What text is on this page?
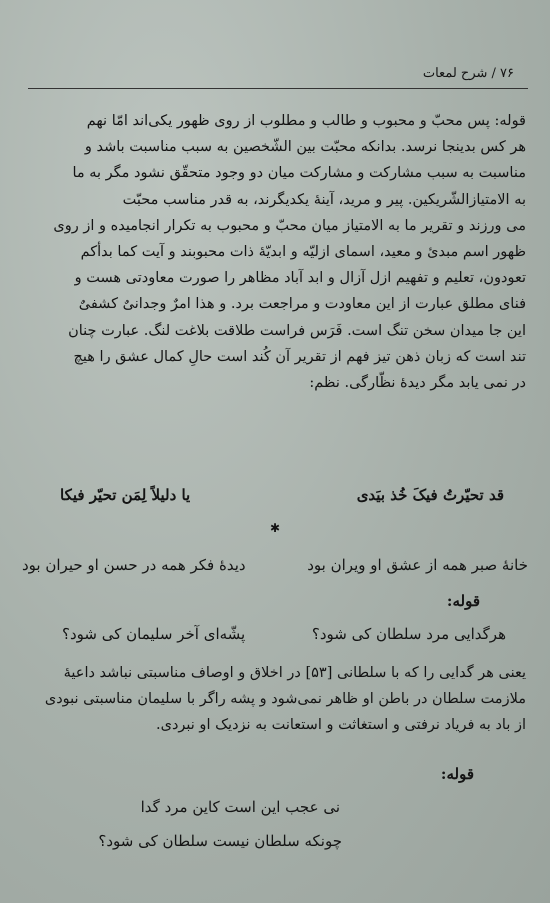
۷۶ / شرح لمعات

قوله: پس محبّ و محبوب و طالب و مطلوب از روی ظهور یکی‌اند امّا نهم

هر کس بدینجا نرسد. بدانکه محبّت بین الشّخصین به سبب مناسبت باشد و

مناسبت به سبب مشارکت و مشارکت میان دو وجود متحقّق نشود مگر به ما

به الامتیازالشّریکین. پیر و مرید، آینهٔ یکدیگرند، به قدر مناسب محبّت

می ورزند و تقریر ما به الامتیاز میان محبّ و محبوب به تکرار انجامیده و از روی

ظهور اسم مبدئ و معید، اسمای ازلیّه و ابدیّهٔ ذات محبوبند و آیت کما بدأکم

تعودون، تعلیم و تفهیم ازل آزال و ابد آباد مظاهر را صورت معاودتی هست و

فنای مطلق عبارت از این معاودت و مراجعت برد. و هذا امرٌ وجدانیٌ کشفیٌ

این جا میدان سخن تنگ است. فَرَس فراست طلاقت بلاغت لنگ. عبارت چنان

تند است که زبان ذهن تیز فهم از تقریر آن کُند است حالِ کمال عشق را هیچ

در نمی یابد مگر دیدهٔ نظّارگی. نظم:

قد تحیّرتُ فیکَ خُذ بیَدی
یا دلیلاً لِمَن تحیّر فیکا
✱
خانهٔ صبر همه از عشق او ویران بود
دیدهٔ فکر همه در حسن او حیران بود
قوله:
هرگدایی مرد سلطان کی شود؟
پشّه‌ای آخر سلیمان کی شود؟

یعنی هر گدایی را که با سلطانی [۵۳] در اخلاق و اوصاف مناسبتی نباشد داعیهٔ

ملازمت سلطان در باطن او ظاهر نمی‌شود و پشه را‌گر با سلیمان مناسبتی نبودی

از باد به فریاد نرفتی و استغاثت و استعانت به نزدیک او نبردی.

قوله:
نی عجب این است کاین مرد گدا
چونکه سلطان نیست سلطان کی شود؟
